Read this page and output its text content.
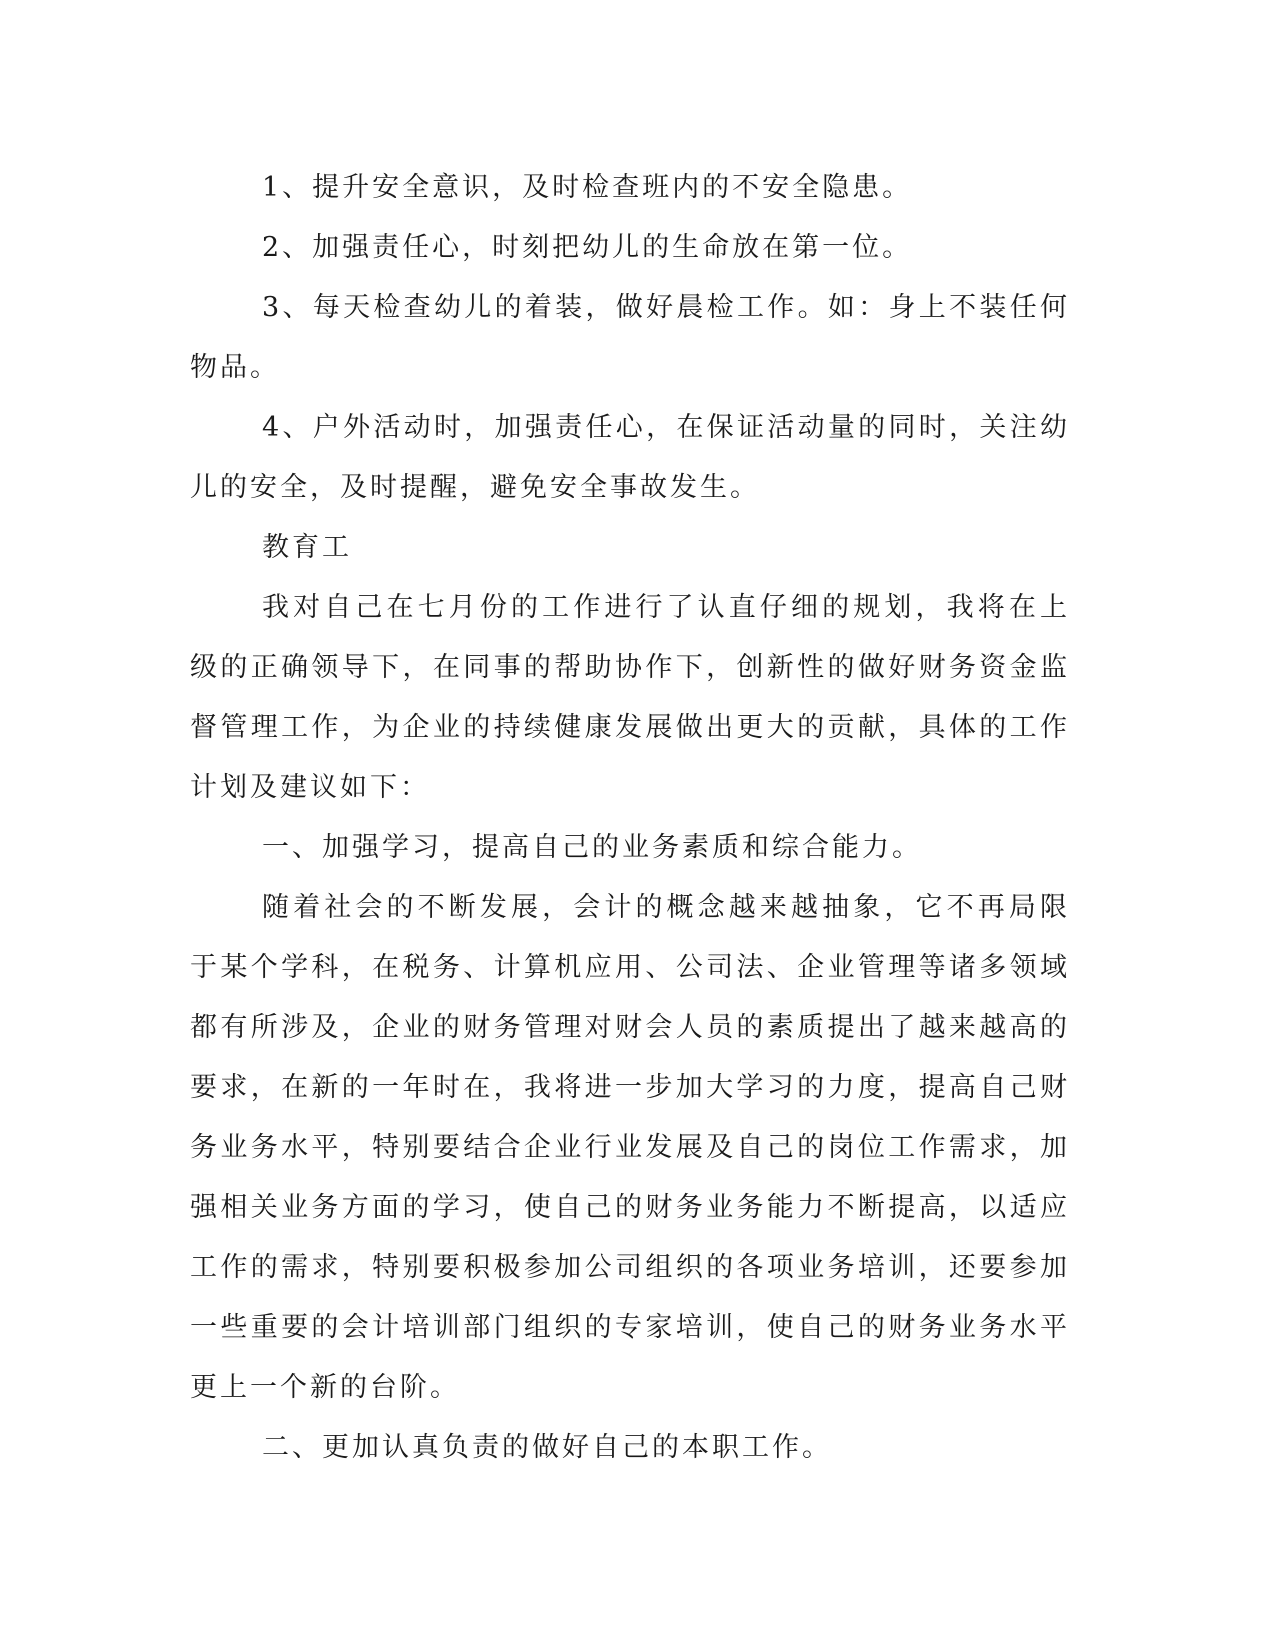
1、提升安全意识，及时检查班内的不安全隐患。

2、加强责任心，时刻把幼儿的生命放在第一位。

3、每天检查幼儿的着装，做好晨检工作。如：身上不装任何物品。

4、户外活动时，加强责任心，在保证活动量的同时，关注幼儿的安全，及时提醒，避免安全事故发生。

教育工

我对自己在七月份的工作进行了认直仔细的规划，我将在上级的正确领导下，在同事的帮助协作下，创新性的做好财务资金监督管理工作，为企业的持续健康发展做出更大的贡献，具体的工作计划及建议如下：

一、加强学习，提高自己的业务素质和综合能力。

随着社会的不断发展，会计的概念越来越抽象，它不再局限于某个学科，在税务、计算机应用、公司法、企业管理等诸多领域都有所涉及，企业的财务管理对财会人员的素质提出了越来越高的要求，在新的一年时在，我将进一步加大学习的力度，提高自己财务业务水平，特别要结合企业行业发展及自己的岗位工作需求，加强相关业务方面的学习，使自己的财务业务能力不断提高，以适应工作的需求，特别要积极参加公司组织的各项业务培训，还要参加一些重要的会计培训部门组织的专家培训，使自己的财务业务水平更上一个新的台阶。

二、更加认真负责的做好自己的本职工作。
